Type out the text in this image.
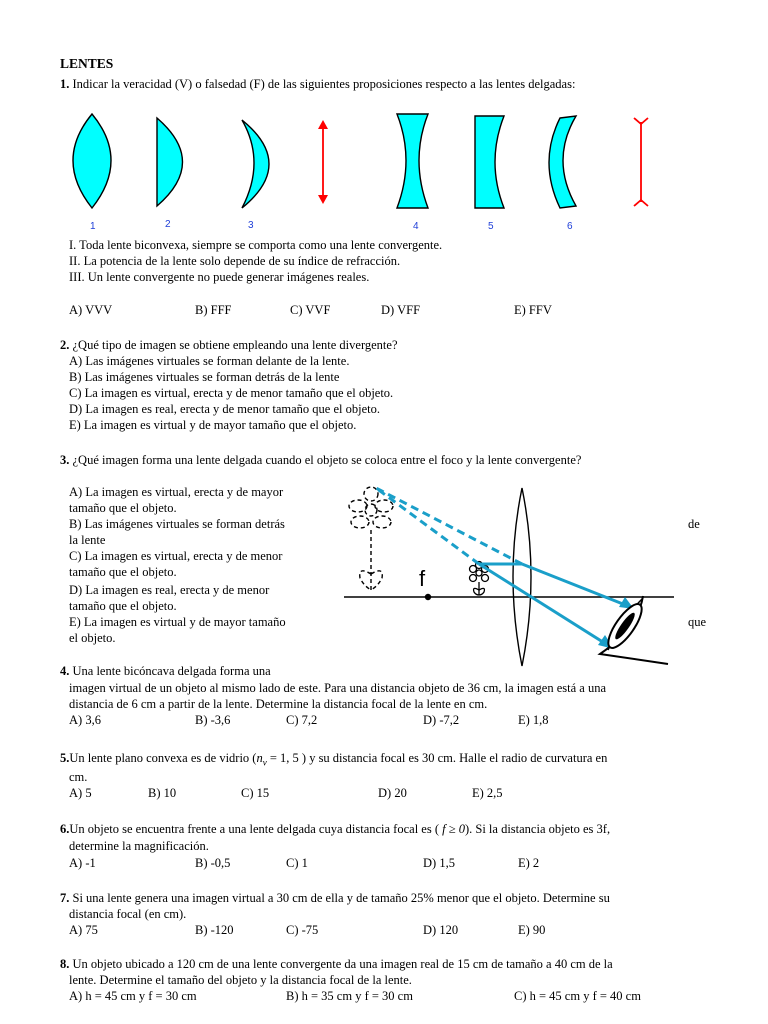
LENTES
1. Indicar la veracidad (V) o falsedad (F) de las siguientes proposiciones respecto a las lentes delgadas:
1	2	3	4	5	6
I. Toda lente biconvexa, siempre se comporta como una lente convergente.
II. La potencia de la lente solo depende de su índice de refracción.
III. Un lente convergente no puede generar imágenes reales.
A) VVV	B) FFF	C) VVF	D) VFF	E) FFV
2. ¿Qué tipo de imagen se obtiene empleando una lente divergente?
A) Las imágenes virtuales se forman delante de la lente.
B) Las imágenes virtuales se forman detrás de la lente
C) La imagen es virtual, erecta y de menor tamaño que el objeto.
D) La imagen es real, erecta y de menor tamaño que el objeto.
E) La imagen es virtual y de mayor tamaño que el objeto.
3. ¿Qué imagen forma una lente delgada cuando el objeto se coloca entre el foco y la lente convergente?
A) La imagen es virtual, erecta y de mayor
tamaño que el objeto.
B) Las imágenes virtuales se forman detrás
la lente
C) La imagen es virtual, erecta y de menor
tamaño que el objeto.
D) La imagen es real, erecta y de menor
tamaño que el objeto.
E) La imagen es virtual y de mayor tamaño
el objeto.
de
que
f
4. Una lente bicóncava delgada forma una
imagen virtual de un objeto al mismo lado de este. Para una distancia objeto de 36 cm, la imagen está a una
distancia de 6 cm a partir de la lente. Determine la distancia focal de la lente en cm.
A) 3,6	B) -3,6	C) 7,2	D) -7,2	E) 1,8
5.Un lente plano convexa es de vidrio ($n_v = 1$, 5 ) y su distancia focal es 30 cm. Halle el radio de curvatura en
cm.
A) 5	B) 10	C) 15	D) 20	E) 2,5
6.Un objeto se encuentra frente a una lente delgada cuya distancia focal es ( f ≥ 0). Si la distancia objeto es 3f,
determine la magnificación.
A) -1	B) -0,5	C) 1	D) 1,5	E) 2
7. Si una lente genera una imagen virtual a 30 cm de ella y de tamaño 25% menor que el objeto. Determine su
distancia focal (en cm).
A) 75	B) -120	C) -75	D) 120	E) 90
8. Un objeto ubicado a 120 cm de una lente convergente da una imagen real de 15 cm de tamaño a 40 cm de la
lente. Determine el tamaño del objeto y la distancia focal de la lente.
A) h = 45 cm y f = 30 cm	B) h = 35 cm y f = 30 cm	C) h = 45 cm y f = 40 cm
